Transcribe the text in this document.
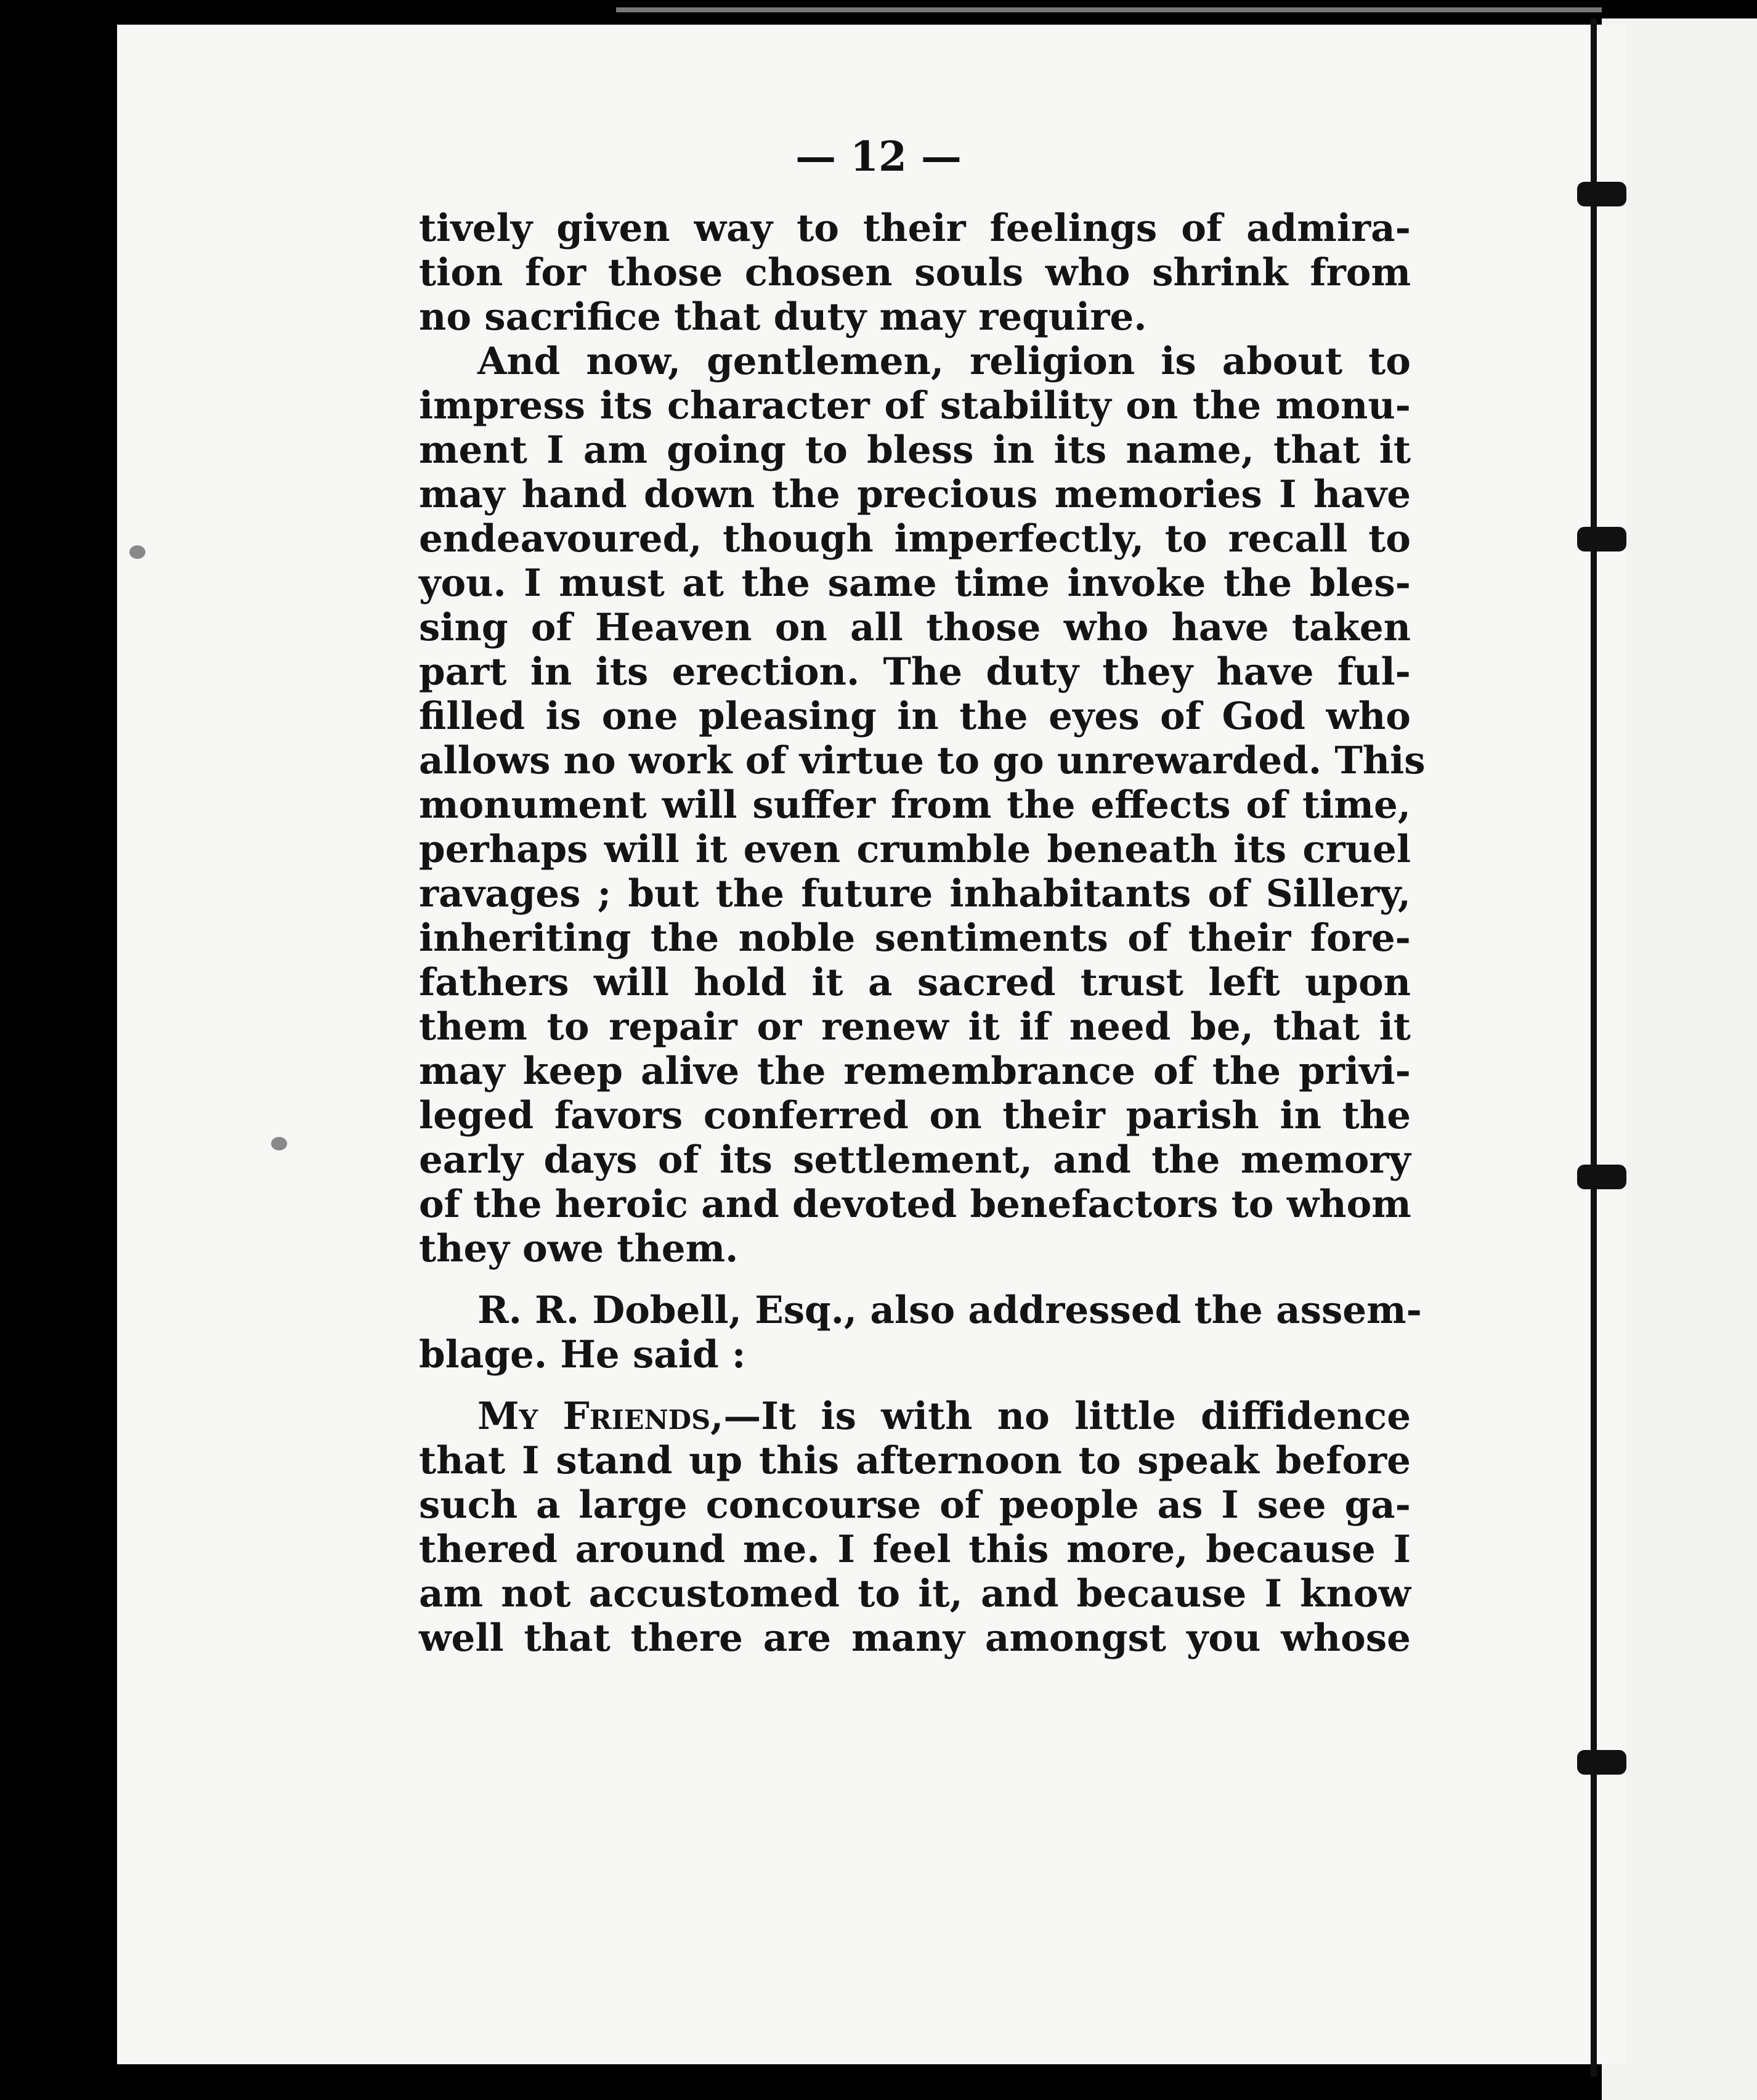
— 12 —
tively given way to their feelings of admira-
tion for those chosen souls who shrink from
no sacrifice that duty may require.
And now, gentlemen, religion is about to
impress its character of stability on the monu-
ment I am going to bless in its name, that it
may hand down the precious memories I have
endeavoured, though imperfectly, to recall to
you. I must at the same time invoke the bles-
sing of Heaven on all those who have taken
part in its erection. The duty they have ful-
filled is one pleasing in the eyes of God who
allows no work of virtue to go unrewarded. This
monument will suffer from the effects of time,
perhaps will it even crumble beneath its cruel
ravages ; but the future inhabitants of Sillery,
inheriting the noble sentiments of their fore-
fathers will hold it a sacred trust left upon
them to repair or renew it if need be, that it
may keep alive the remembrance of the privi-
leged favors conferred on their parish in the
early days of its settlement, and the memory
of the heroic and devoted benefactors to whom
they owe them.
R. R. Dobell, Esq., also addressed the assem-
blage. He said :
My Friends,—It is with no little diffidence
that I stand up this afternoon to speak before
such a large concourse of people as I see ga-
thered around me. I feel this more, because I
am not accustomed to it, and because I know
well that there are many amongst you whose
